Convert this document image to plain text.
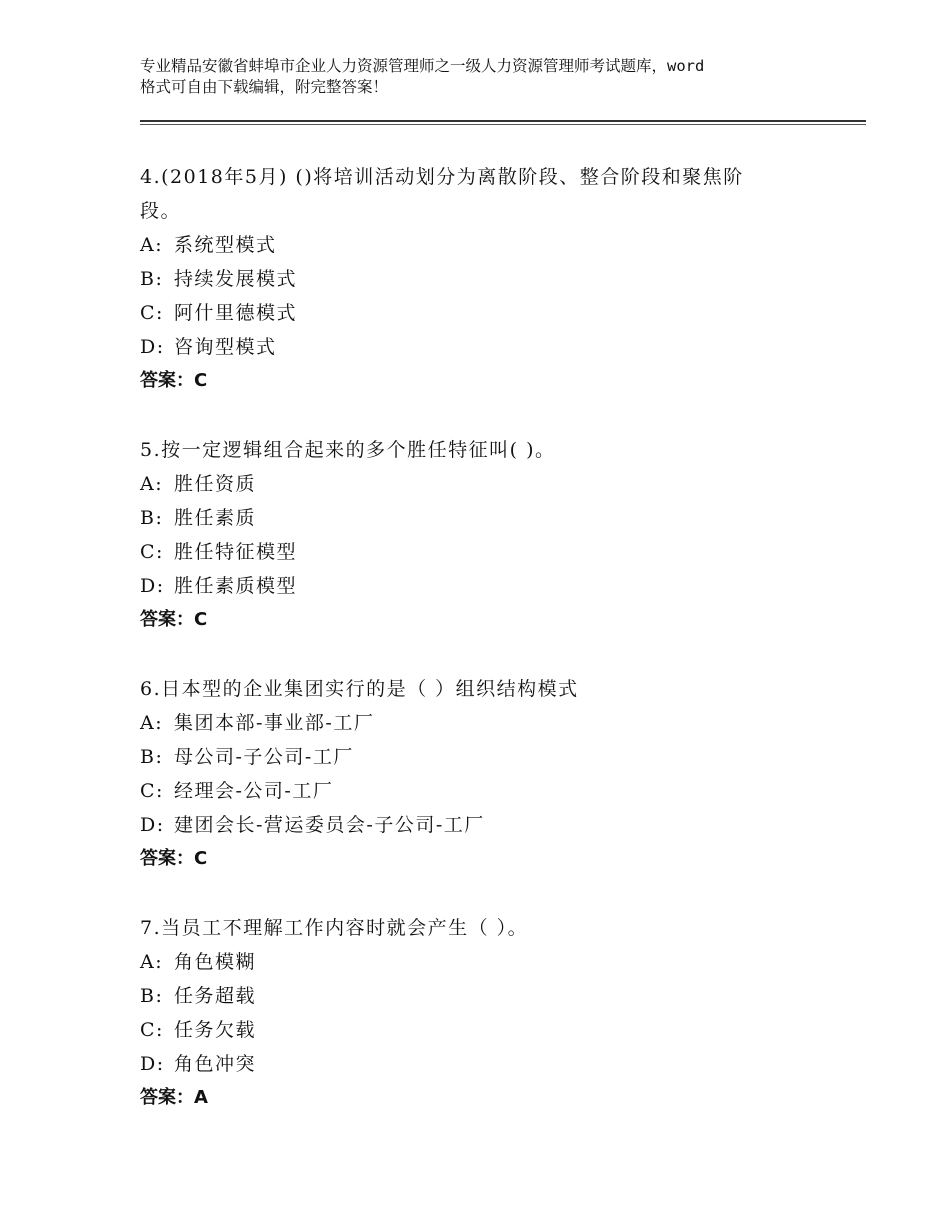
专业精品安徽省蚌埠市企业人力资源管理师之一级人力资源管理师考试题库，word
格式可自由下载编辑，附完整答案！

4.(2018年5月) ()将培训活动划分为离散阶段、整合阶段和聚焦阶
段。

A: 系统型模式

B: 持续发展模式

C: 阿什里德模式

D: 咨询型模式

答案：C

5.按一定逻辑组合起来的多个胜任特征叫( )。

A: 胜任资质

B: 胜任素质

C: 胜任特征模型

D: 胜任素质模型

答案：C

6.日本型的企业集团实行的是（ ）组织结构模式

A: 集团本部-事业部-工厂

B: 母公司-子公司-工厂

C: 经理会-公司-工厂

D: 建团会长-营运委员会-子公司-工厂

答案：C

7.当员工不理解工作内容时就会产生（ ）。

A: 角色模糊

B: 任务超载

C: 任务欠载

D: 角色冲突

答案：A
